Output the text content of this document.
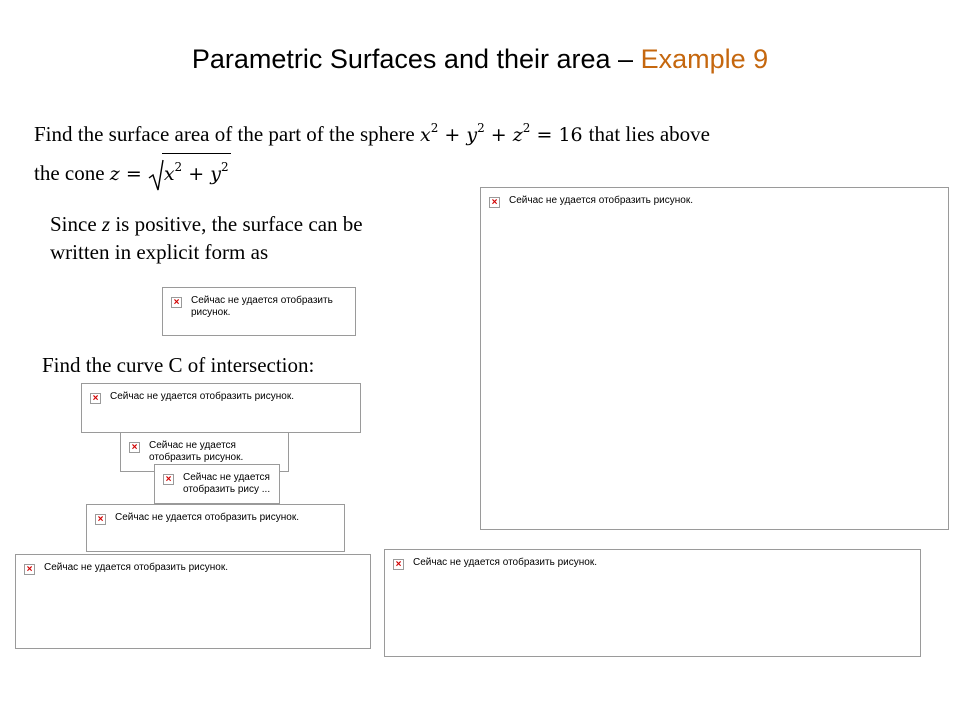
Parametric Surfaces and their area – Example 9
Find the surface area of the part of the sphere $x^2 + y^2 + z^2 = 16$ that lies above
the cone $z = x^2 + y^2$
Since z is positive, the surface can be
written in explicit form as
Find the curve C of intersection:
× Сейчас не удается отобразить рисунок.
× Сейчас не удается отобразить
рисунок.
× Сейчас не удается отобразить рисунок.
× Сейчас не удается
отобразить рисунок.
× Сейчас не удается
отобразить рису ...
× Сейчас не удается отобразить рисунок.
× Сейчас не удается отобразить рисунок.	× Сейчас не удается отобразить рисунок.
